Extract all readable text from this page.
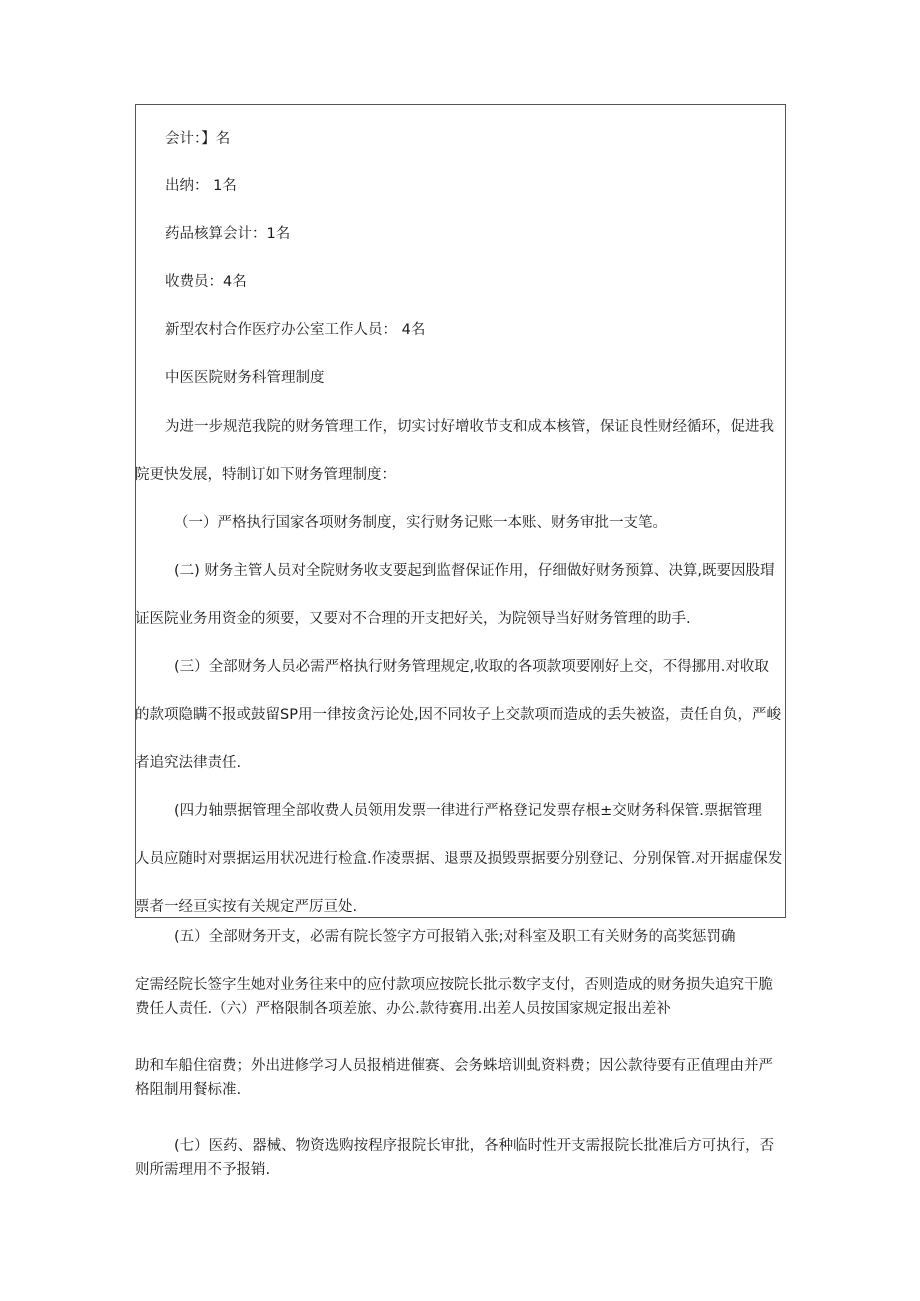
会计：】名

出纳： 1名

药品核算会计：1名

收费员：4名

新型农村合作医疗办公室工作人员： 4名

中医医院财务科管理制度

为进一步规范我院的财务管理工作，切实讨好增收节支和成本核管，保证良性财经循环，促进我

院更快发展，特制订如下财务管理制度：

（一）严格执行国家各项财务制度，实行财务记账一本账、财务审批一支笔。

(二) 财务主管人员对全院财务收支要起到监督保证作用，仔细做好财务预算、决算,既要因股瑁

证医院业务用资金的须要，又要对不合理的开支把好关，为院领导当好财务管理的助手.

(三）全部财务人员必需严格执行财务管理规定,收取的各项款项要刚好上交，不得挪用.对收取

的款项隐瞒不报或鼓留SP用一律按贪污论处,因不同妆子上交款项而造成的丢失被盗，责任自负，严峻

者追究法律责任.

(四力轴票据管理全部收费人员领用发票一律进行严格登记发票存根±交财务科保管.票据管理

人员应随时对票据运用状况进行检盒.作凌票据、退票及损毁票据要分别登记、分别保管.对开据虚保发

票者一经亘实按有关规定严厉亘处.

(五）全部财务开支，必需有院长签字方可报销入张;对科室及职工有关财务的高奖惩罚确

定需经院长签字生她对业务往来中的应付款项应按院长批示数字支付，否则造成的财务损失追究干脆

费任人责任.（六）严格限制各项差旅、办公.款待赛用.出差人员按国家规定报出差补

助和车船住宿费；外出进修学习人员报梢进催赛、会务蛛培训虬资料费；因公款待要有正值理由并严

格阻制用餐标准.

(七）医药、器械、物资选购按程序报院长审批，各种临时性开支需报院长批准后方可执行，否

则所需理用不予报销.
